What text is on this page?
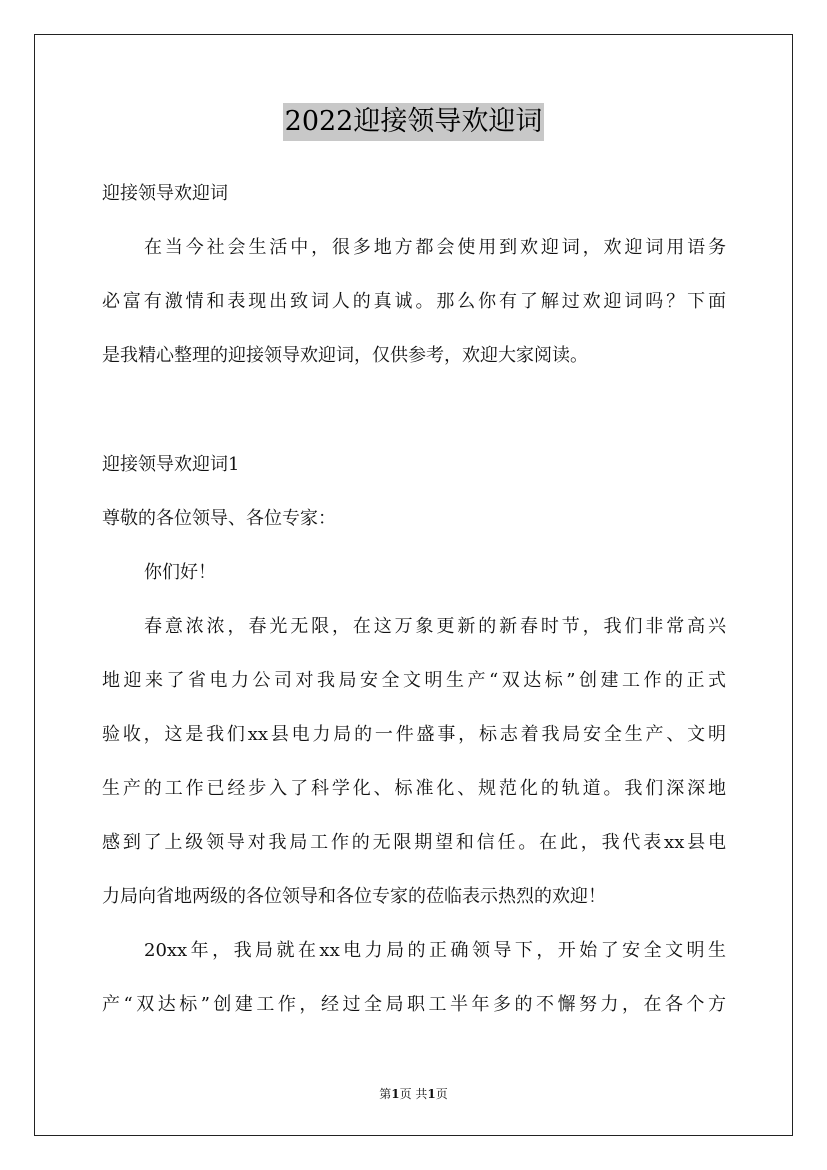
2022迎接领导欢迎词
迎接领导欢迎词
在当今社会生活中，很多地方都会使用到欢迎词，欢迎词用语务
必富有激情和表现出致词人的真诚。那么你有了解过欢迎词吗？下面
是我精心整理的迎接领导欢迎词，仅供参考，欢迎大家阅读。
迎接领导欢迎词1
尊敬的各位领导、各位专家：
你们好！
春意浓浓，春光无限，在这万象更新的新春时节，我们非常高兴
地迎来了省电力公司对我局安全文明生产“双达标”创建工作的正式
验收，这是我们xx县电力局的一件盛事，标志着我局安全生产、文明
生产的工作已经步入了科学化、标准化、规范化的轨道。我们深深地
感到了上级领导对我局工作的无限期望和信任。在此，我代表xx县电
力局向省地两级的各位领导和各位专家的莅临表示热烈的欢迎！
20xx年，我局就在xx电力局的正确领导下，开始了安全文明生
产“双达标”创建工作，经过全局职工半年多的不懈努力，在各个方
第1页 共1页
